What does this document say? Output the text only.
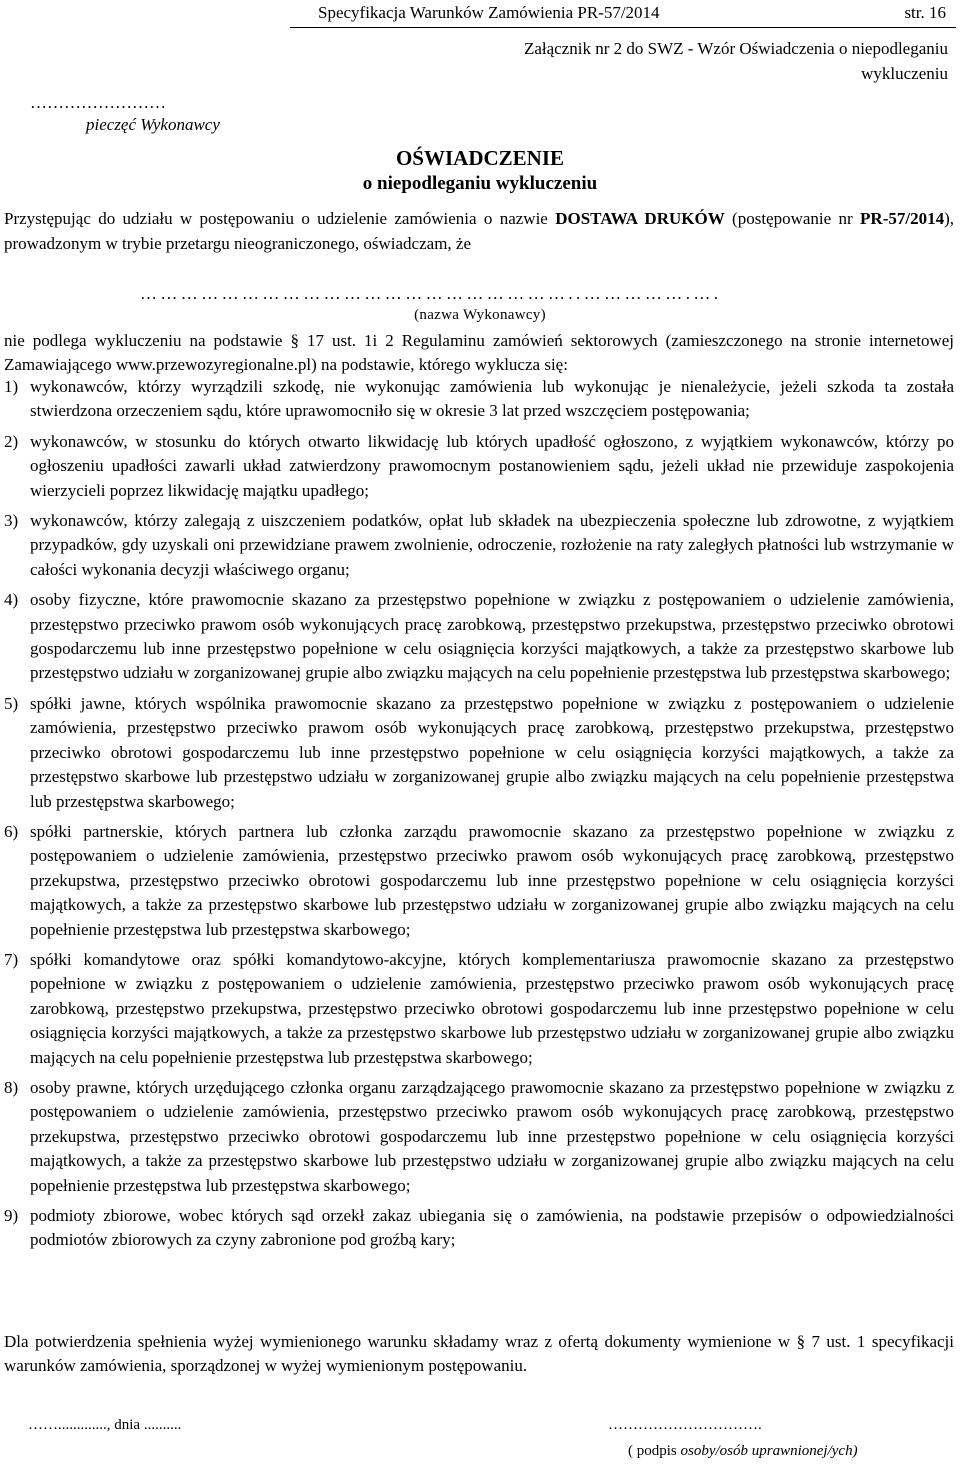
Specyfikacja Warunków Zamówienia PR-57/2014	str. 16
Załącznik nr 2 do SWZ - Wzór Oświadczenia o niepodleganiu
wykluczeniu
……………………
pieczęć Wykonawcy
OŚWIADCZENIE
o niepodleganiu wykluczeniu
Przystępując do udziału w postępowaniu o udzielenie zamówienia o nazwie DOSTAWA DRUKÓW (postępowanie nr PR-57/2014), prowadzonym w trybie przetargu nieograniczonego, oświadczam, że
………………………………………………………..…………….….
(nazwa Wykonawcy)
nie podlega wykluczeniu na podstawie § 17 ust. 1i 2 Regulaminu zamówień sektorowych (zamieszczonego na stronie internetowej Zamawiającego www.przewozyregionalne.pl) na podstawie, którego wyklucza się:
1) wykonawców, którzy wyrządzili szkodę, nie wykonując zamówienia lub wykonując je nienależycie, jeżeli szkoda ta została stwierdzona orzeczeniem sądu, które uprawomocniło się w okresie 3 lat przed wszczęciem postępowania;
2) wykonawców, w stosunku do których otwarto likwidację lub których upadłość ogłoszono, z wyjątkiem wykonawców, którzy po ogłoszeniu upadłości zawarli układ zatwierdzony prawomocnym postanowieniem sądu, jeżeli układ nie przewiduje zaspokojenia wierzycieli poprzez likwidację majątku upadłego;
3) wykonawców, którzy zalegają z uiszczeniem podatków, opłat lub składek na ubezpieczenia społeczne lub zdrowotne, z wyjątkiem przypadków, gdy uzyskali oni przewidziane prawem zwolnienie, odroczenie, rozłożenie na raty zaległych płatności lub wstrzymanie w całości wykonania decyzji właściwego organu;
4) osoby fizyczne, które prawomocnie skazano za przestępstwo popełnione w związku z postępowaniem o udzielenie zamówienia, przestępstwo przeciwko prawom osób wykonujących pracę zarobkową, przestępstwo przekupstwa, przestępstwo przeciwko obrotowi gospodarczemu lub inne przestępstwo popełnione w celu osiągnięcia korzyści majątkowych, a także za przestępstwo skarbowe lub przestępstwo udziału w zorganizowanej grupie albo związku mających na celu popełnienie przestępstwa lub przestępstwa skarbowego;
5) spółki jawne, których wspólnika prawomocnie skazano za przestępstwo popełnione w związku z postępowaniem o udzielenie zamówienia, przestępstwo przeciwko prawom osób wykonujących pracę zarobkową, przestępstwo przekupstwa, przestępstwo przeciwko obrotowi gospodarczemu lub inne przestępstwo popełnione w celu osiągnięcia korzyści majątkowych, a także za przestępstwo skarbowe lub przestępstwo udziału w zorganizowanej grupie albo związku mających na celu popełnienie przestępstwa lub przestępstwa skarbowego;
6) spółki partnerskie, których partnera lub członka zarządu prawomocnie skazano za przestępstwo popełnione w związku z postępowaniem o udzielenie zamówienia, przestępstwo przeciwko prawom osób wykonujących pracę zarobkową, przestępstwo przekupstwa, przestępstwo przeciwko obrotowi gospodarczemu lub inne przestępstwo popełnione w celu osiągnięcia korzyści majątkowych, a także za przestępstwo skarbowe lub przestępstwo udziału w zorganizowanej grupie albo związku mających na celu popełnienie przestępstwa lub przestępstwa skarbowego;
7) spółki komandytowe oraz spółki komandytowo-akcyjne, których komplementariusza prawomocnie skazano za przestępstwo popełnione w związku z postępowaniem o udzielenie zamówienia, przestępstwo przeciwko prawom osób wykonujących pracę zarobkową, przestępstwo przekupstwa, przestępstwo przeciwko obrotowi gospodarczemu lub inne przestępstwo popełnione w celu osiągnięcia korzyści majątkowych, a także za przestępstwo skarbowe lub przestępstwo udziału w zorganizowanej grupie albo związku mających na celu popełnienie przestępstwa lub przestępstwa skarbowego;
8) osoby prawne, których urzędującego członka organu zarządzającego prawomocnie skazano za przestępstwo popełnione w związku z postępowaniem o udzielenie zamówienia, przestępstwo przeciwko prawom osób wykonujących pracę zarobkową, przestępstwo przekupstwa, przestępstwo przeciwko obrotowi gospodarczemu lub inne przestępstwo popełnione w celu osiągnięcia korzyści majątkowych, a także za przestępstwo skarbowe lub przestępstwo udziału w zorganizowanej grupie albo związku mających na celu popełnienie przestępstwa lub przestępstwa skarbowego;
9) podmioty zbiorowe, wobec których sąd orzekł zakaz ubiegania się o zamówienia, na podstawie przepisów o odpowiedzialności podmiotów zbiorowych za czyny zabronione pod groźbą kary;
Dla potwierdzenia spełnienia wyżej wymienionego warunku składamy wraz z ofertą dokumenty wymienione w § 7 ust. 1 specyfikacji warunków zamówienia, sporządzonej w wyżej wymienionym postępowaniu.
……............., dnia ..........	………………………….
( podpis osoby/osób uprawnionej/ych)
